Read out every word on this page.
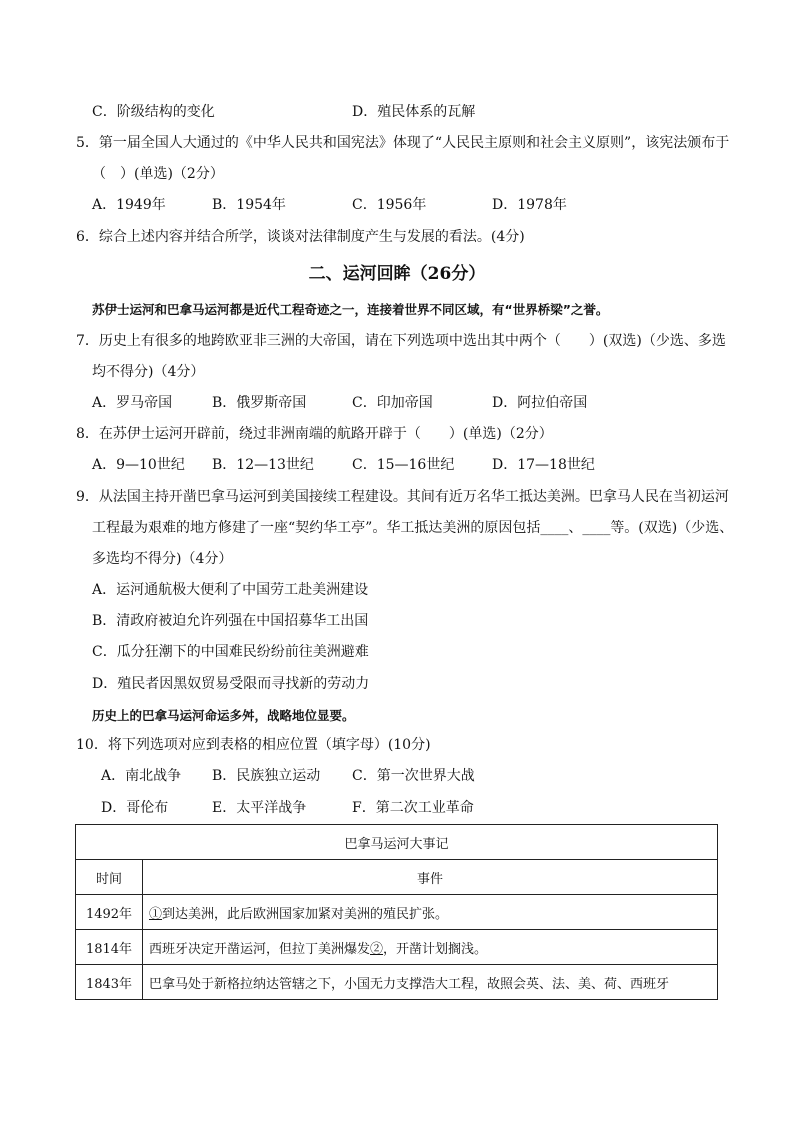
C．阶级结构的变化	D．殖民体系的瓦解
5．第一届全国人大通过的《中华人民共和国宪法》体现了“人民民主原则和社会主义原则”，该宪法颁布于
（　）(单选)（2分）
A．1949年	B．1954年	C．1956年	D．1978年
6．综合上述内容并结合所学，谈谈对法律制度产生与发展的看法。(4分)
二、运河回眸（26分）
苏伊士运河和巴拿马运河都是近代工程奇迹之一，连接着世界不同区域，有“世界桥梁”之誉。
7．历史上有很多的地跨欧亚非三洲的大帝国，请在下列选项中选出其中两个（　　）(双选)（少选、多选
均不得分)（4分）
A．罗马帝国	B．俄罗斯帝国	C．印加帝国	D．阿拉伯帝国
8．在苏伊士运河开辟前，绕过非洲南端的航路开辟于（　　）(单选)（2分）
A．9—10世纪 B．12—13世纪	C．15—16世纪	D．17—18世纪
9．从法国主持开凿巴拿马运河到美国接续工程建设。其间有近万名华工抵达美洲。巴拿马人民在当初运河
工程最为艰难的地方修建了一座“契约华工亭”。华工抵达美洲的原因包括____、____等。(双选)（少选、
多选均不得分)（4分）
A．运河通航极大便利了中国劳工赴美洲建设
B．清政府被迫允许列强在中国招募华工出国
C．瓜分狂潮下的中国难民纷纷前往美洲避难
D．殖民者因黑奴贸易受限而寻找新的劳动力
历史上的巴拿马运河命运多舛，战略地位显要。
10．将下列选项对应到表格的相应位置（填字母）(10分)
A．南北战争 B．民族独立运动 C．第一次世界大战
D．哥伦布	E．太平洋战争	F．第二次工业革命
巴拿马运河大事记	
时间	事件
1492年	①到达美洲，此后欧洲国家加紧对美洲的殖民扩张。
1814年	西班牙决定开凿运河，但拉丁美洲爆发②，开凿计划搁浅。
1843年	巴拿马处于新格拉纳达管辖之下，小国无力支撑浩大工程，故照会英、法、美、荷、西班牙
